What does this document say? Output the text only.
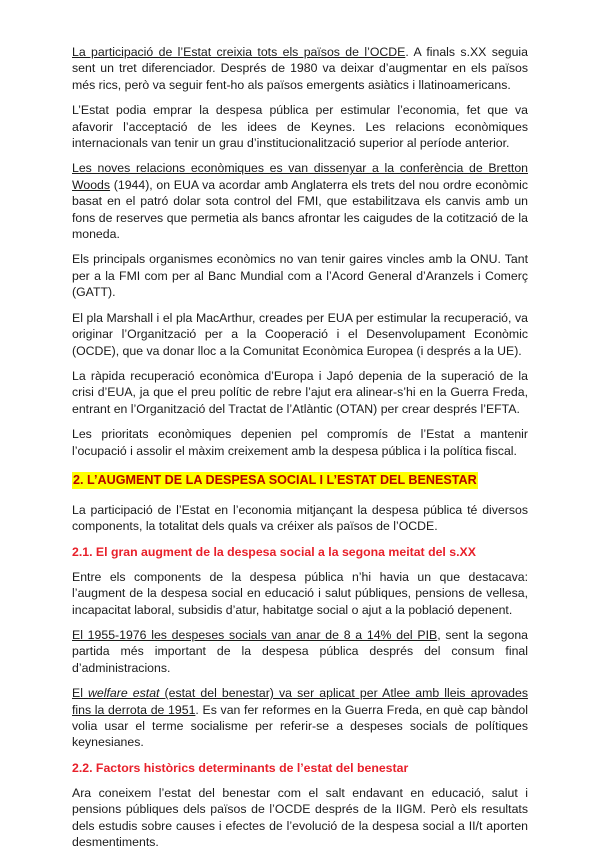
La participació de l’Estat creixia tots els països de l’OCDE. A finals s.XX seguia sent un tret diferenciador. Després de 1980 va deixar d’augmentar en els països més rics, però va seguir fent-ho als països emergents asiàtics i llatinoamericans.

L’Estat podia emprar la despesa pública per estimular l’economia, fet que va afavorir l’acceptació de les idees de Keynes. Les relacions econòmiques internacionals van tenir un grau d’institucionalització superior al període anterior.

Les noves relacions econòmiques es van dissenyar a la conferència de Bretton Woods (1944), on EUA va acordar amb Anglaterra els trets del nou ordre econòmic basat en el patró dolar sota control del FMI, que estabilitzava els canvis amb un fons de reserves que permetia als bancs afrontar les caigudes de la cotització de la moneda.

Els principals organismes econòmics no van tenir gaires vincles amb la ONU. Tant per a la FMI com per al Banc Mundial com a l’Acord General d’Aranzels i Comerç (GATT).

El pla Marshall i el pla MacArthur, creades per EUA per estimular la recuperació, va originar l’Organització per a la Cooperació i el Desenvolupament Econòmic (OCDE), que va donar lloc a la Comunitat Econòmica Europea (i després a la UE).

La ràpida recuperació econòmica d’Europa i Japó depenia de la superació de la crisi d’EUA, ja que el preu polític de rebre l’ajut era alinear-s’hi en la Guerra Freda, entrant en l’Organització del Tractat de l’Atlàntic (OTAN) per crear després l’EFTA.

Les prioritats econòmiques depenien pel compromís de l’Estat a mantenir l’ocupació i assolir el màxim creixement amb la despesa pública i la política fiscal.

2. L’AUGMENT DE LA DESPESA SOCIAL I L’ESTAT DEL BENESTAR

La participació de l’Estat en l’economia mitjançant la despesa pública té diversos components, la totalitat dels quals va créixer als països de l’OCDE.

2.1. El gran augment de la despesa social a la segona meitat del s.XX

Entre els components de la despesa pública n’hi havia un que destacava: l’augment de la despesa social en educació i salut públiques, pensions de vellesa, incapacitat laboral, subsidis d’atur, habitatge social o ajut a la població depenent.

El 1955-1976 les despeses socials van anar de 8 a 14% del PIB, sent la segona partida més important de la despesa pública després del consum final d’administracions.

El welfare estat (estat del benestar) va ser aplicat per Atlee amb lleis aprovades fins la derrota de 1951. Es van fer reformes en la Guerra Freda, en què cap bàndol volia usar el terme socialisme per referir-se a despeses socials de polítiques keynesianes.

2.2. Factors històrics determinants de l’estat del benestar

Ara coneixem l’estat del benestar com el salt endavant en educació, salut i pensions públiques dels països de l’OCDE després de la IIGM. Però els resultats dels estudis sobre causes i efectes de l’evolució de la despesa social a II/t aporten desmentiments.
